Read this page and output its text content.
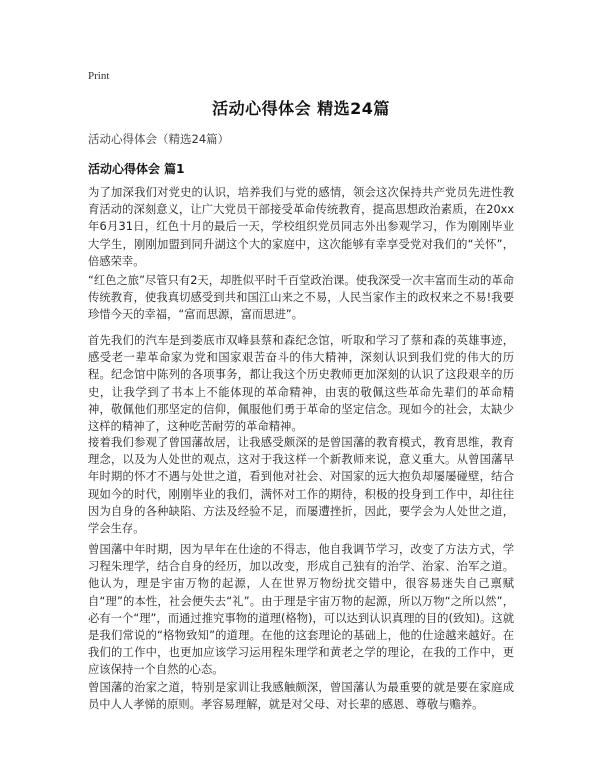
Print
活动心得体会 精选24篇
活动心得体会（精选24篇）
活动心得体会 篇1

为了加深我们对党史的认识，培养我们与党的感情，领会这次保持共产党员先进性教育活动的深刻意义，让广大党员干部接受革命传统教育，提高思想政治素质，在20xx年6月31日，红色十月的最后一天，学校组织党员同志外出参观学习，作为刚刚毕业大学生，刚刚加盟到同升湖这个大的家庭中，这次能够有幸享受党对我们的“关怀”，倍感荣幸。

“红色之旅”尽管只有2天，却胜似平时千百堂政治课。使我深受一次丰富而生动的革命传统教育，使我真切感受到共和国江山来之不易，人民当家作主的政权来之不易!我要珍惜今天的幸福，“富而思源，富而思进”。

首先我们的汽车是到娄底市双峰县蔡和森纪念馆，听取和学习了蔡和森的英雄事迹，感受老一辈革命家为党和国家艰苦奋斗的伟大精神，深刻认识到我们党的伟大的历程。纪念馆中陈列的各项事务，都让我这个历史教师更加深刻的认识了这段艰辛的历史，让我学到了书本上不能体现的革命精神，由衷的敬佩这些革命先辈们的革命精神，敬佩他们那坚定的信仰，佩服他们勇于革命的坚定信念。现如今的社会，太缺少这样的精神了，这种吃苦耐劳的革命精神。

接着我们参观了曾国藩故居，让我感受颇深的是曾国藩的教育模式，教育思维，教育理念，以及为人处世的观点，这对于我这样一个新教师来说，意义重大。从曾国藩早年时期的怀才不遇与处世之道，看到他对社会、对国家的远大抱负却屡屡碰壁，结合现如今的时代，刚刚毕业的我们，满怀对工作的期待，积极的投身到工作中，却往往因为自身的各种缺陷、方法及经验不足，而屡遭挫折，因此，要学会为人处世之道，学会生存。

曾国藩中年时期，因为早年在仕途的不得志，他自我调节学习，改变了方法方式，学习程朱理学，结合自身的经历，加以改变，形成自己独有的治学、治家、治军之道。他认为，理是宇宙万物的起源，人在世界万物纷扰交错中，很容易迷失自己禀赋自“理”的本性，社会便失去“礼”。由于理是宇宙万物的起源，所以万物“之所以然”，必有一个“理”，而通过推究事物的道理(格物)，可以达到认识真理的目的(致知)。这就是我们常说的“格物致知”的道理。在他的这套理论的基础上，他的仕途越来越好。在我们的工作中，也更加应该学习运用程朱理学和黄老之学的理论，在我的工作中，更应该保持一个自然的心态。

曾国藩的治家之道，特别是家训让我感触颇深，曾国藩认为最重要的就是要在家庭成员中人人孝悌的原则。孝容易理解，就是对父母、对长辈的感恩、尊敬与赡养。
